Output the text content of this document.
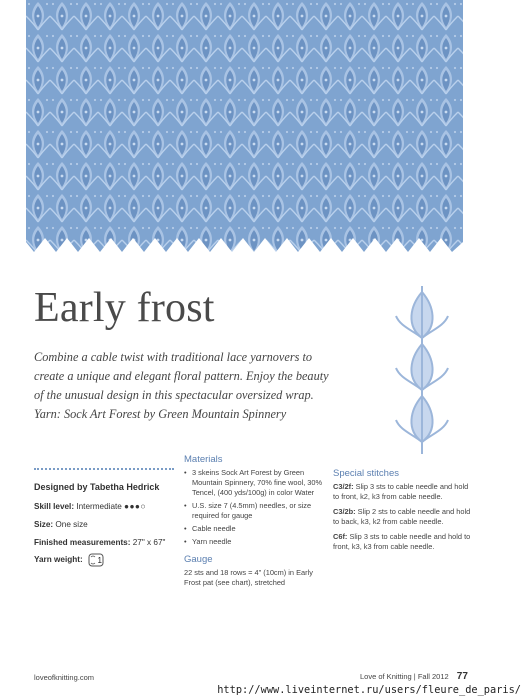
Early frost
Combine a cable twist with traditional lace yarnovers to create a unique and elegant floral pattern. Enjoy the beauty of the unusual design in this spectacular oversized wrap. Yarn: Sock Art Forest by Green Mountain Spinnery
Designed by Tabetha Hedrick
Skill level: Intermediate ●●●○
Size: One size
Finished measurements: 27" x 67"
Yarn weight: 1
Materials
• 3 skeins Sock Art Forest by Green Mountain Spinnery, 70% fine wool, 30% Tencel, (400 yds/100g) in color Water
• U.S. size 7 (4.5mm) needles, or size required for gauge
• Cable needle
• Yarn needle
Gauge
22 sts and 18 rows = 4" (10cm) in Early Frost pat (see chart), stretched
Special stitches
C3/2f: Slip 3 sts to cable needle and hold to front, k2, k3 from cable needle.
C3/2b: Slip 2 sts to cable needle and hold to back, k3, k2 from cable needle.
C6f: Slip 3 sts to cable needle and hold to front, k3, k3 from cable needle.
loveofknitting.com	Love of Knitting | Fall 2012 77
http://www.liveinternet.ru/users/fleure_de_paris/
